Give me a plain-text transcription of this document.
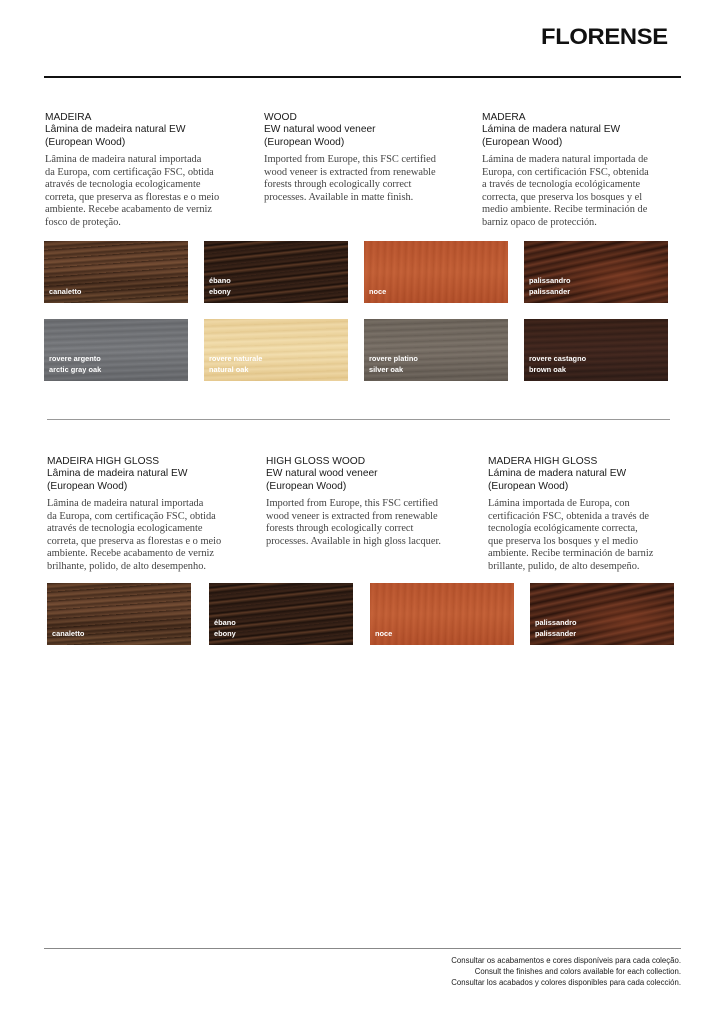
FLORENSE
MADEIRA
Lâmina de madeira natural EW
(European Wood)
Lâmina de madeira natural importada
da Europa, com certificação FSC, obtida
através de tecnologia ecologicamente
correta, que preserva as florestas e o meio
ambiente. Recebe acabamento de verniz
fosco de proteção.
WOOD
EW natural wood veneer
(European Wood)
Imported from Europe, this FSC certified
wood veneer is extracted from renewable
forests through ecologically correct
processes. Available in matte finish.
MADERA
Lámina de madera natural EW
(European Wood)
Lámina de madera natural importada de
Europa, con certificación FSC, obtenida
a través de tecnología ecológicamente
correcta, que preserva los bosques y el
medio ambiente. Recibe terminación de
barniz opaco de protección.
canaletto
ébano
ebony	noce
palissandro
palissander
rovere argento
arctic gray oak
rovere naturale
natural oak
rovere platino
silver oak
rovere castagno
brown oak
MADEIRA HIGH GLOSS
Lâmina de madeira natural EW
(European Wood)
Lâmina de madeira natural importada
da Europa, com certificação FSC, obtida
através de tecnologia ecologicamente
correta, que preserva as florestas e o meio
ambiente. Recebe acabamento de verniz
brilhante, polido, de alto desempenho.
HIGH GLOSS WOOD
EW natural wood veneer
(European Wood)
Imported from Europe, this FSC certified
wood veneer is extracted from renewable
forests through ecologically correct
processes. Available in high gloss lacquer.
MADERA HIGH GLOSS
Lámina de madera natural EW
(European Wood)
Lámina importada de Europa, con
certificación FSC, obtenida a través de
tecnología ecológicamente correcta,
que preserva los bosques y el medio
ambiente. Recibe terminación de barniz
brillante, pulido, de alto desempeño.
canaletto
ébano
ebony	noce
palissandro
palissander
Consultar os acabamentos e cores disponíveis para cada coleção.
Consult the finishes and colors available for each collection.
Consultar los acabados y colores disponibles para cada colección.
